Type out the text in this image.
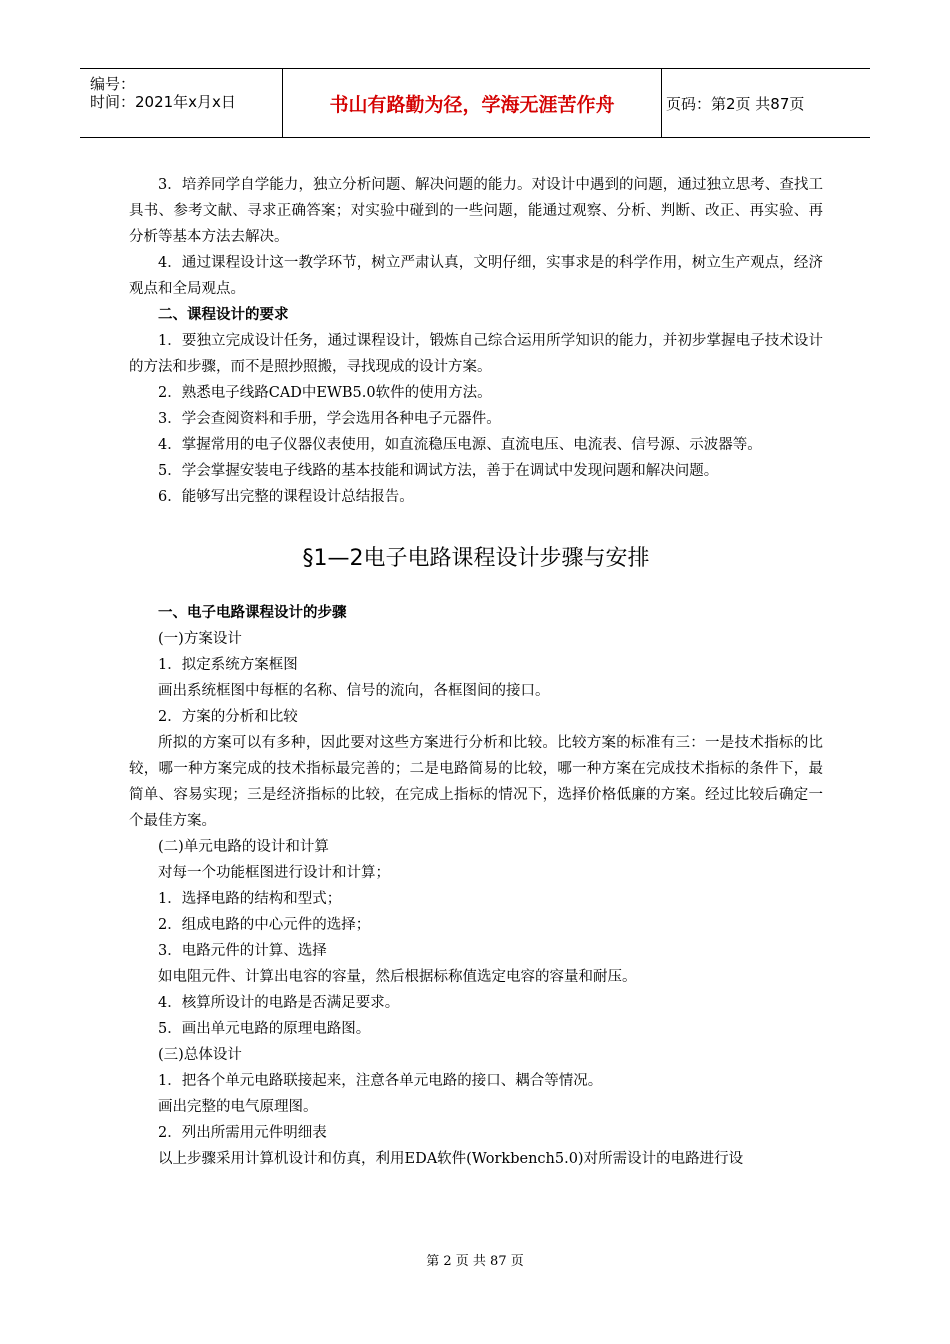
编号：
时间：2021年x月x日	书山有路勤为径，学海无涯苦作舟	页码：第2页 共87页

3．培养同学自学能力，独立分析问题、解决问题的能力。对设计中遇到的问题，通过独立思考、查找工具书、参考文献、寻求正确答案；对实验中碰到的一些问题，能通过观察、分析、判断、改正、再实验、再分析等基本方法去解决。

4．通过课程设计这一教学环节，树立严肃认真，文明仔细，实事求是的科学作用，树立生产观点，经济观点和全局观点。

二、课程设计的要求

1．要独立完成设计任务，通过课程设计，锻炼自己综合运用所学知识的能力，并初步掌握电子技术设计的方法和步骤，而不是照抄照搬，寻找现成的设计方案。

2．熟悉电子线路CAD中EWB5.0软件的使用方法。

3．学会查阅资料和手册，学会选用各种电子元器件。

4．掌握常用的电子仪器仪表使用，如直流稳压电源、直流电压、电流表、信号源、示波器等。

5．学会掌握安装电子线路的基本技能和调试方法，善于在调试中发现问题和解决问题。

6．能够写出完整的课程设计总结报告。

§1—2电子电路课程设计步骤与安排

一、电子电路课程设计的步骤

(一)方案设计

1．拟定系统方案框图

画出系统框图中每框的名称、信号的流向，各框图间的接口。

2．方案的分析和比较

所拟的方案可以有多种，因此要对这些方案进行分析和比较。比较方案的标准有三：一是技术指标的比较，哪一种方案完成的技术指标最完善的；二是电路简易的比较，哪一种方案在完成技术指标的条件下，最简单、容易实现；三是经济指标的比较，在完成上指标的情况下，选择价格低廉的方案。经过比较后确定一个最佳方案。

(二)单元电路的设计和计算

对每一个功能框图进行设计和计算；

1．选择电路的结构和型式；

2．组成电路的中心元件的选择；

3．电路元件的计算、选择

如电阻元件、计算出电容的容量，然后根据标称值选定电容的容量和耐压。

4．核算所设计的电路是否满足要求。

5．画出单元电路的原理电路图。

(三)总体设计

1．把各个单元电路联接起来，注意各单元电路的接口、耦合等情况。

画出完整的电气原理图。

2．列出所需用元件明细表

以上步骤采用计算机设计和仿真，利用EDA软件(Workbench5.0)对所需设计的电路进行设

第 2 页 共 87 页
